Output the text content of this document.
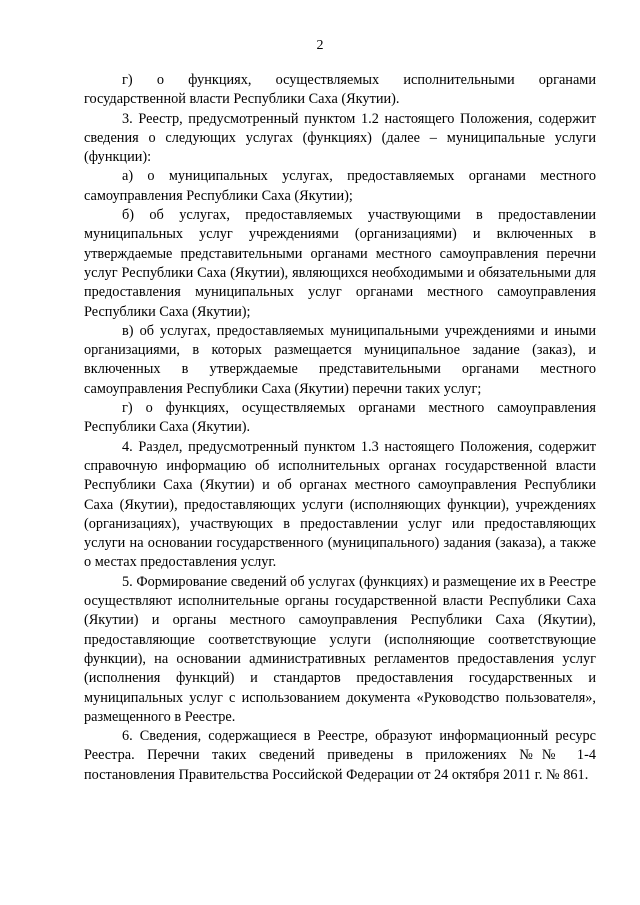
2

г) о функциях, осуществляемых исполнительными органами государственной власти Республики Саха (Якутии).

3. Реестр, предусмотренный пунктом 1.2 настоящего Положения, содержит сведения о следующих услугах (функциях) (далее – муниципальные услуги (функции):

а) о муниципальных услугах, предоставляемых органами местного самоуправления Республики Саха (Якутии);

б) об услугах, предоставляемых участвующими в предоставлении муниципальных услуг учреждениями (организациями) и включенных в утверждаемые представительными органами местного самоуправления перечни услуг Республики Саха (Якутии), являющихся необходимыми и обязательными для предоставления муниципальных услуг органами местного самоуправления Республики Саха (Якутии);

в) об услугах, предоставляемых муниципальными учреждениями и иными организациями, в которых размещается муниципальное задание (заказ), и включенных в утверждаемые представительными органами местного самоуправления Республики Саха (Якутии) перечни таких услуг;

г) о функциях, осуществляемых органами местного самоуправления Республики Саха (Якутии).

4. Раздел, предусмотренный пунктом 1.3 настоящего Положения, содержит справочную информацию об исполнительных органах государственной власти Республики Саха (Якутии) и об органах местного самоуправления Республики Саха (Якутии), предоставляющих услуги (исполняющих функции), учреждениях (организациях), участвующих в предоставлении услуг или предоставляющих услуги на основании государственного (муниципального) задания (заказа), а также о местах предоставления услуг.

5. Формирование сведений об услугах (функциях) и размещение их в Реестре осуществляют исполнительные органы государственной власти Республики Саха (Якутии) и органы местного самоуправления Республики Саха (Якутии), предоставляющие соответствующие услуги (исполняющие соответствующие функции), на основании административных регламентов предоставления услуг (исполнения функций) и стандартов предоставления государственных и муниципальных услуг с использованием документа «Руководство пользователя», размещенного в Реестре.

6. Сведения, содержащиеся в Реестре, образуют информационный ресурс Реестра. Перечни таких сведений приведены в приложениях №№ 1-4 постановления Правительства Российской Федерации от 24 октября 2011 г. № 861.
